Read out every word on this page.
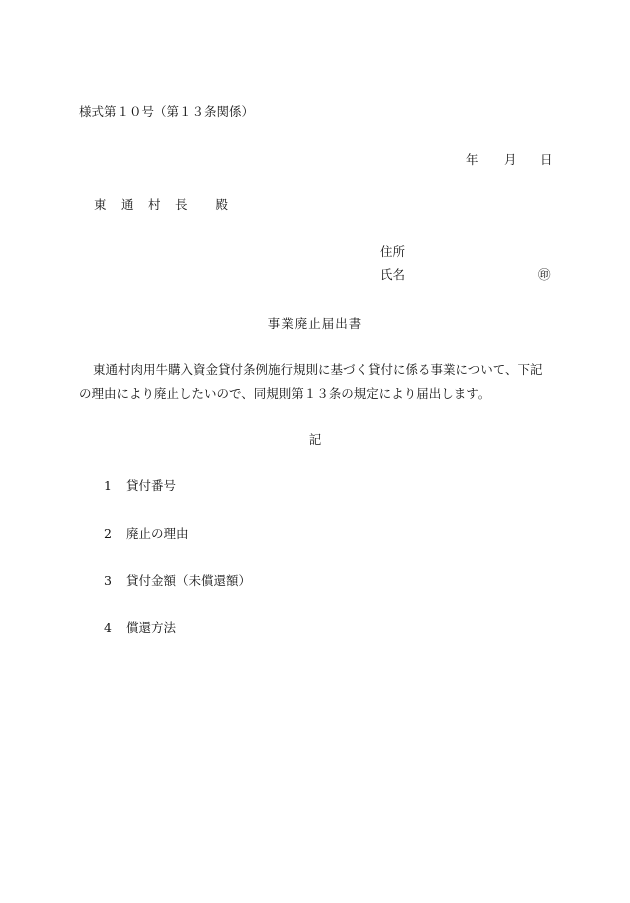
様式第１０号（第１３条関係）
年 月 日
東　通　村　長　　殿
住所
氏名	㊞
事業廃止届出書
東通村肉用牛購入資金貸付条例施行規則に基づく貸付に係る事業について、下記の理由により廃止したいので、同規則第１３条の規定により届出します。
記
1 貸付番号
2 廃止の理由
3 貸付金額（未償還額）
4 償還方法
